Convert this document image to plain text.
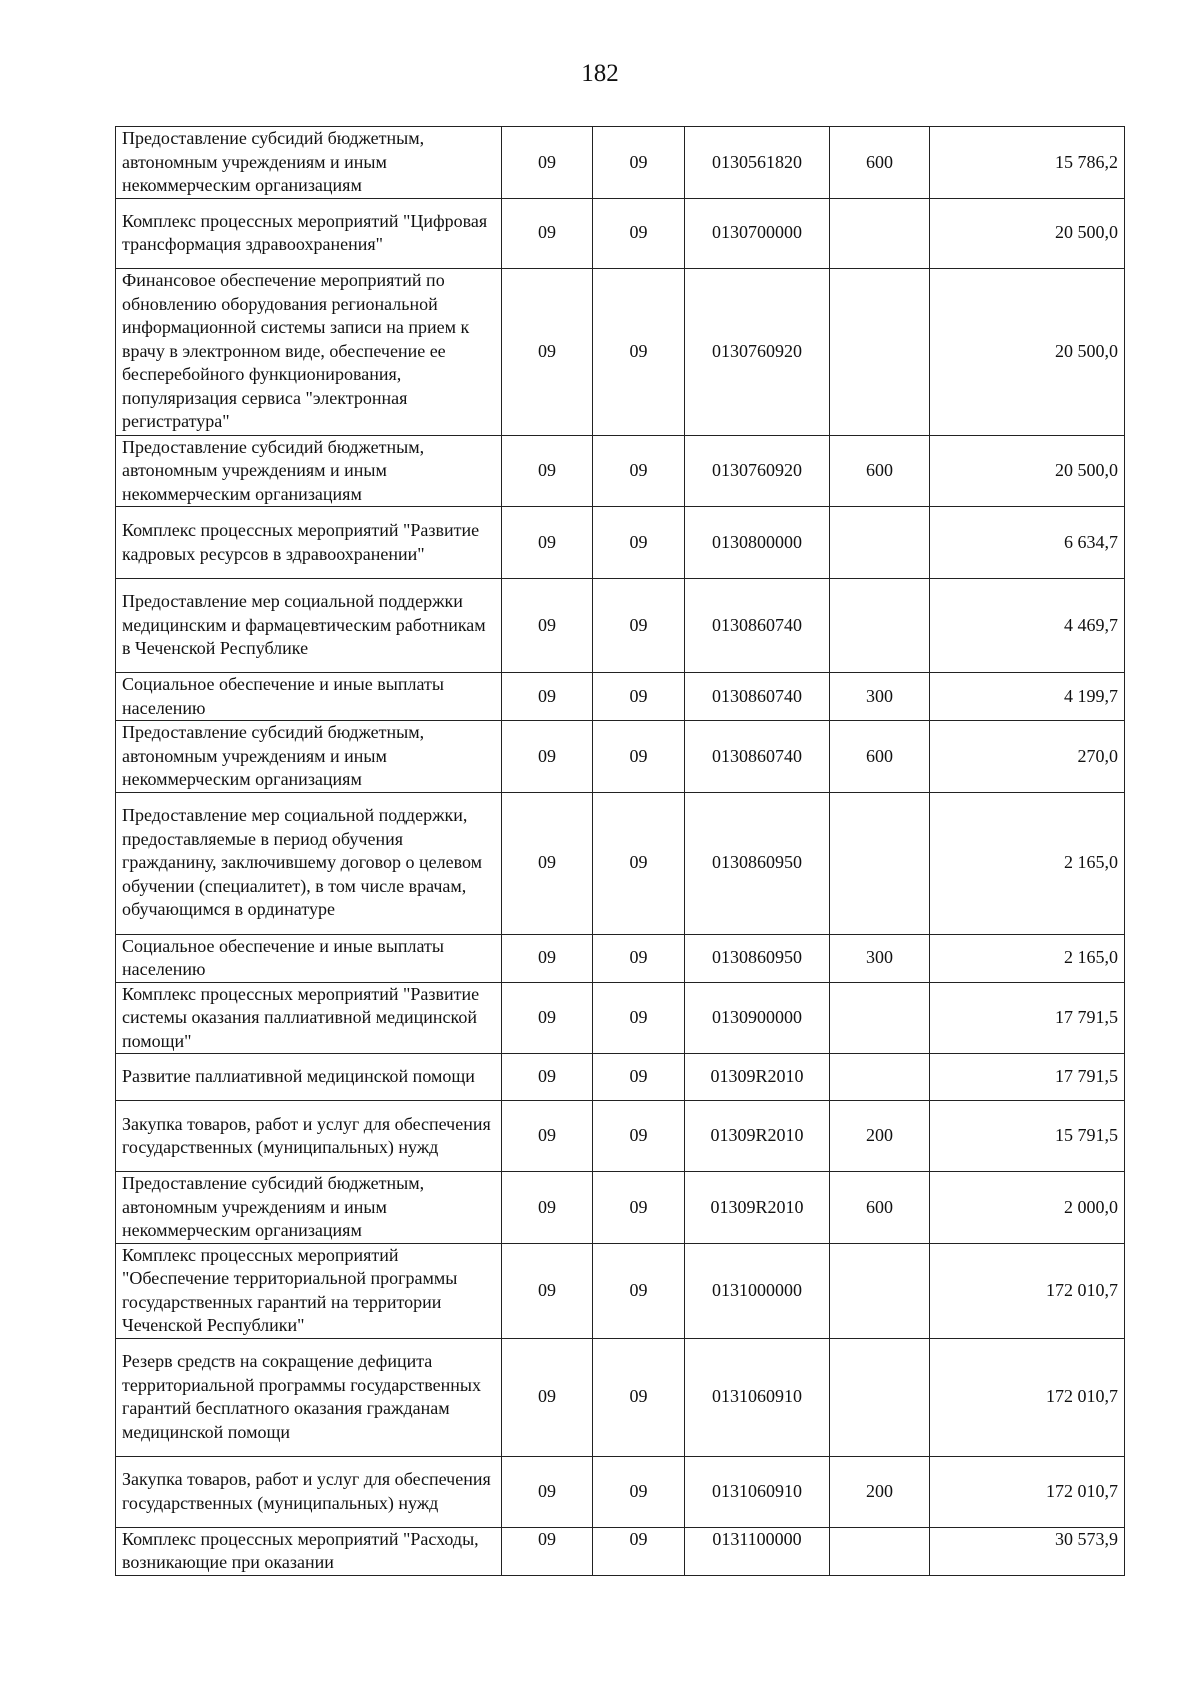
182
Предоставление субсидий бюджетным, автономным учреждениям и иным некоммерческим организациям	09	09	0130561820	600	15 786,2
Комплекс процессных мероприятий "Цифровая трансформация здравоохранения"	09	09	0130700000		20 500,0
Финансовое обеспечение мероприятий по обновлению оборудования региональной информационной системы записи на прием к врачу в электронном виде, обеспечение ее бесперебойного функционирования, популяризация сервиса "электронная регистратура"	09	09	0130760920		20 500,0
Предоставление субсидий бюджетным, автономным учреждениям и иным некоммерческим организациям	09	09	0130760920	600	20 500,0
Комплекс процессных мероприятий "Развитие кадровых ресурсов в здравоохранении"	09	09	0130800000		6 634,7
Предоставление мер социальной поддержки медицинским и фармацевтическим работникам в Чеченской Республике	09	09	0130860740		4 469,7
Социальное обеспечение и иные выплаты населению	09	09	0130860740	300	4 199,7
Предоставление субсидий бюджетным, автономным учреждениям и иным некоммерческим организациям	09	09	0130860740	600	270,0
Предоставление мер социальной поддержки, предоставляемые в период обучения гражданину, заключившему договор о целевом обучении (специалитет), в том числе врачам, обучающимся в ординатуре	09	09	0130860950		2 165,0
Социальное обеспечение и иные выплаты населению	09	09	0130860950	300	2 165,0
Комплекс процессных мероприятий "Развитие системы оказания паллиативной медицинской помощи"	09	09	0130900000		17 791,5
Развитие паллиативной медицинской помощи	09	09	01309R2010		17 791,5
Закупка товаров, работ и услуг для обеспечения государственных (муниципальных) нужд	09	09	01309R2010	200	15 791,5
Предоставление субсидий бюджетным, автономным учреждениям и иным некоммерческим организациям	09	09	01309R2010	600	2 000,0
Комплекс процессных мероприятий "Обеспечение территориальной программы государственных гарантий на территории Чеченской Республики"	09	09	0131000000		172 010,7
Резерв средств на сокращение дефицита территориальной программы государственных гарантий бесплатного оказания гражданам медицинской помощи	09	09	0131060910		172 010,7
Закупка товаров, работ и услуг для обеспечения государственных (муниципальных) нужд	09	09	0131060910	200	172 010,7
Комплекс процессных мероприятий "Расходы, возникающие при оказании	09	09	0131100000		30 573,9
